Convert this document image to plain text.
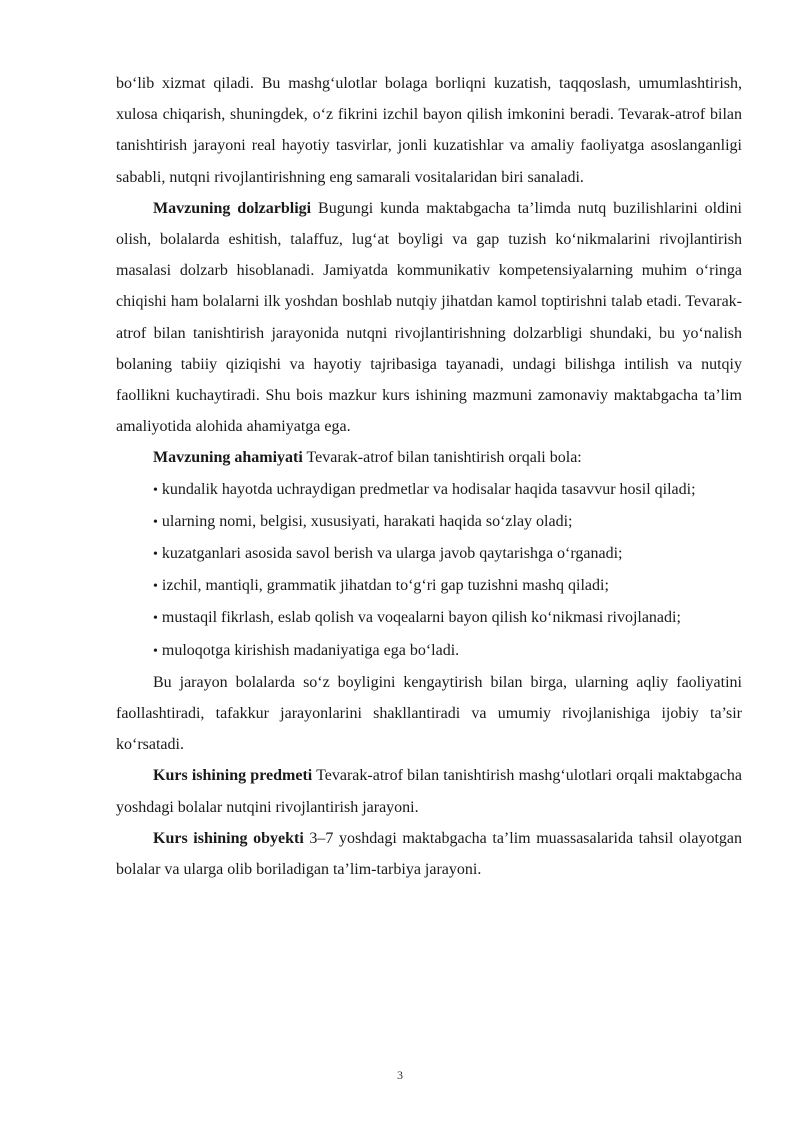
bo‘lib xizmat qiladi. Bu mashg‘ulotlar bolaga borliqni kuzatish, taqqoslash, umumlashtirish, xulosa chiqarish, shuningdek, o‘z fikrini izchil bayon qilish imkonini beradi. Tevarak-atrof bilan tanishtirish jarayoni real hayotiy tasvirlar, jonli kuzatishlar va amaliy faoliyatga asoslanganligi sababli, nutqni rivojlantirishning eng samarali vositalaridan biri sanaladi.

Mavzuning dolzarbligi Bugungi kunda maktabgacha ta’limda nutq buzilishlarini oldini olish, bolalarda eshitish, talaffuz, lug‘at boyligi va gap tuzish ko‘nikmalarini rivojlantirish masalasi dolzarb hisoblanadi. Jamiyatda kommunikativ kompetensiyalarning muhim o‘ringa chiqishi ham bolalarni ilk yoshdan boshlab nutqiy jihatdan kamol toptirishni talab etadi. Tevarak-atrof bilan tanishtirish jarayonida nutqni rivojlantirishning dolzarbligi shundaki, bu yo‘nalish bolaning tabiiy qiziqishi va hayotiy tajribasiga tayanadi, undagi bilishga intilish va nutqiy faollikni kuchaytiradi. Shu bois mazkur kurs ishining mazmuni zamonaviy maktabgacha ta’lim amaliyotida alohida ahamiyatga ega.

Mavzuning ahamiyati Tevarak-atrof bilan tanishtirish orqali bola:

• kundalik hayotda uchraydigan predmetlar va hodisalar haqida tasavvur hosil qiladi;

• ularning nomi, belgisi, xususiyati, harakati haqida so‘zlay oladi;

• kuzatganlari asosida savol berish va ularga javob qaytarishga o‘rganadi;

• izchil, mantiqli, grammatik jihatdan to‘g‘ri gap tuzishni mashq qiladi;

• mustaqil fikrlash, eslab qolish va voqealarni bayon qilish ko‘nikmasi rivojlanadi;

• muloqotga kirishish madaniyatiga ega bo‘ladi.

Bu jarayon bolalarda so‘z boyligini kengaytirish bilan birga, ularning aqliy faoliyatini faollashtiradi, tafakkur jarayonlarini shakllantiradi va umumiy rivojlanishiga ijobiy ta’sir ko‘rsatadi.

Kurs ishining predmeti Tevarak-atrof bilan tanishtirish mashg‘ulotlari orqali maktabgacha yoshdagi bolalar nutqini rivojlantirish jarayoni.

Kurs ishining obyekti 3–7 yoshdagi maktabgacha ta’lim muassasalarida tahsil olayotgan bolalar va ularga olib boriladigan ta’lim-tarbiya jarayoni.

3
